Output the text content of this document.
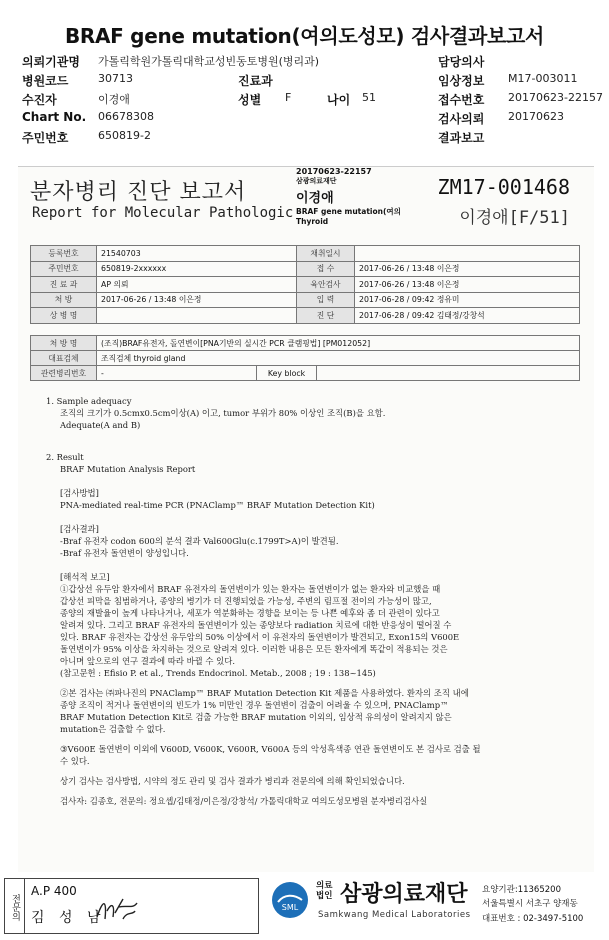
BRAF gene mutation(여의도성모) 검사결과보고서
의뢰기관명 가톨릭학원가톨릭대학교성빈동토병원(병리과)	담당의사
병원코드	30713	진료과	임상정보 M17-003011
수진자	이경애	성별 F	나이 51	접수번호 20170623-22157
Chart No. 06678308	검사의뢰 20170623
주민번호	650819-2	결과보고
분자병리 진단 보고서
Report for Molecular Pathologic
20170623-22157
삼광의료재단
이경애
BRAF gene mutation(여의
Thyroid
ZM17-001468
이경애[F/51]
등록번호	21540703	채취일시	
주민번호	650819-2xxxxxx	접 수	2017-06-26 / 13:48 이은정
진 료 과	AP 의뢰	육안검사	2017-06-26 / 13:48 이은정
처 방	2017-06-26 / 13:48 이은정	입 력	2017-06-28 / 09:42 정유미
상 병 명		진 단	2017-06-28 / 09:42 김태정/강창석
처 방 명	(조직)BRAF유전자, 돌연변이[PNA기반의 실시간 PCR 클램핑법] [PM012052]		
대표검체	조직검체 thyroid gland		
관련병리번호	-	Key block	

1. Sample adequacy

조직의 크기가 0.5cmx0.5cm이상(A) 이고, tumor 부위가 80% 이상인 조직(B)을 요함.

Adequate(A and B)

2. Result

BRAF Mutation Analysis Report

[검사방법]

PNA-mediated real-time PCR (PNAClamp™ BRAF Mutation Detection Kit)

[검사결과]

-Braf 유전자 codon 600의 분석 결과 Val600Glu(c.1799T>A)이 발견됨.

-Braf 유전자 돌연변이 양성입니다.

[해석적 보고]

①갑상선 유두암 환자에서 BRAF 유전자의 돌연변이가 있는 환자는 돌연변이가 없는 환자와 비교했을 때

갑상선 피막을 침범하거나, 종양의 병기가 더 진행되었을 가능성, 주변의 림프절 전이의 가능성이 많고,

종양의 재발율이 높게 나타나거나, 세포가 역분화하는 경향을 보이는 등 나쁜 예후와 좀 더 관련이 있다고

알려져 있다. 그리고 BRAF 유전자의 돌연변이가 있는 종양보다 radiation 치료에 대한 반응성이 떨어질 수

있다. BRAF 유전자는 갑상선 유두암의 50% 이상에서 이 유전자의 돌연변이가 발견되고, Exon15의 V600E

돌연변이가 95% 이상을 차지하는 것으로 알려져 있다. 이러한 내용은 모든 환자에게 똑같이 적용되는 것은

아니며 앞으로의 연구 결과에 따라 바뀔 수 있다.

(참고문헌 : Efisio P. et al., Trends Endocrinol. Metab., 2008 ; 19 : 138~145)

②본 검사는 ㈜파나진의 PNAClamp™ BRAF Mutation Detection Kit 제품을 사용하였다. 환자의 조직 내에

종양 조직이 적거나 돌연변이의 빈도가 1% 미만인 경우 돌연변이 검출이 어려울 수 있으며, PNAClamp™

BRAF Mutation Detection Kit로 검출 가능한 BRAF mutation 이외의, 임상적 유의성이 알려지지 않은

mutation은 검출할 수 없다.

③V600E 돌연변이 이외에 V600D, V600K, V600R, V600A 등의 악성흑색종 연관 돌연변이도 본 검사로 검출 될

수 있다.

상기 검사는 검사방법, 시약의 정도 관리 및 검사 결과가 병리과 전문의에 의해 확인되었습니다.

검사자: 김종호, 전문의: 정요셉/김태정/이은정/강창석/ 가톨릭대학교 여의도성모병원 분자병리검사실

전문의
A.P 400
김 성 남
SML
의료
법인 삼광의료재단
Samkwang Medical Laboratories
요양기관:11365200
서울특별시 서초구 양재동
대표번호 : 02-3497-5100
